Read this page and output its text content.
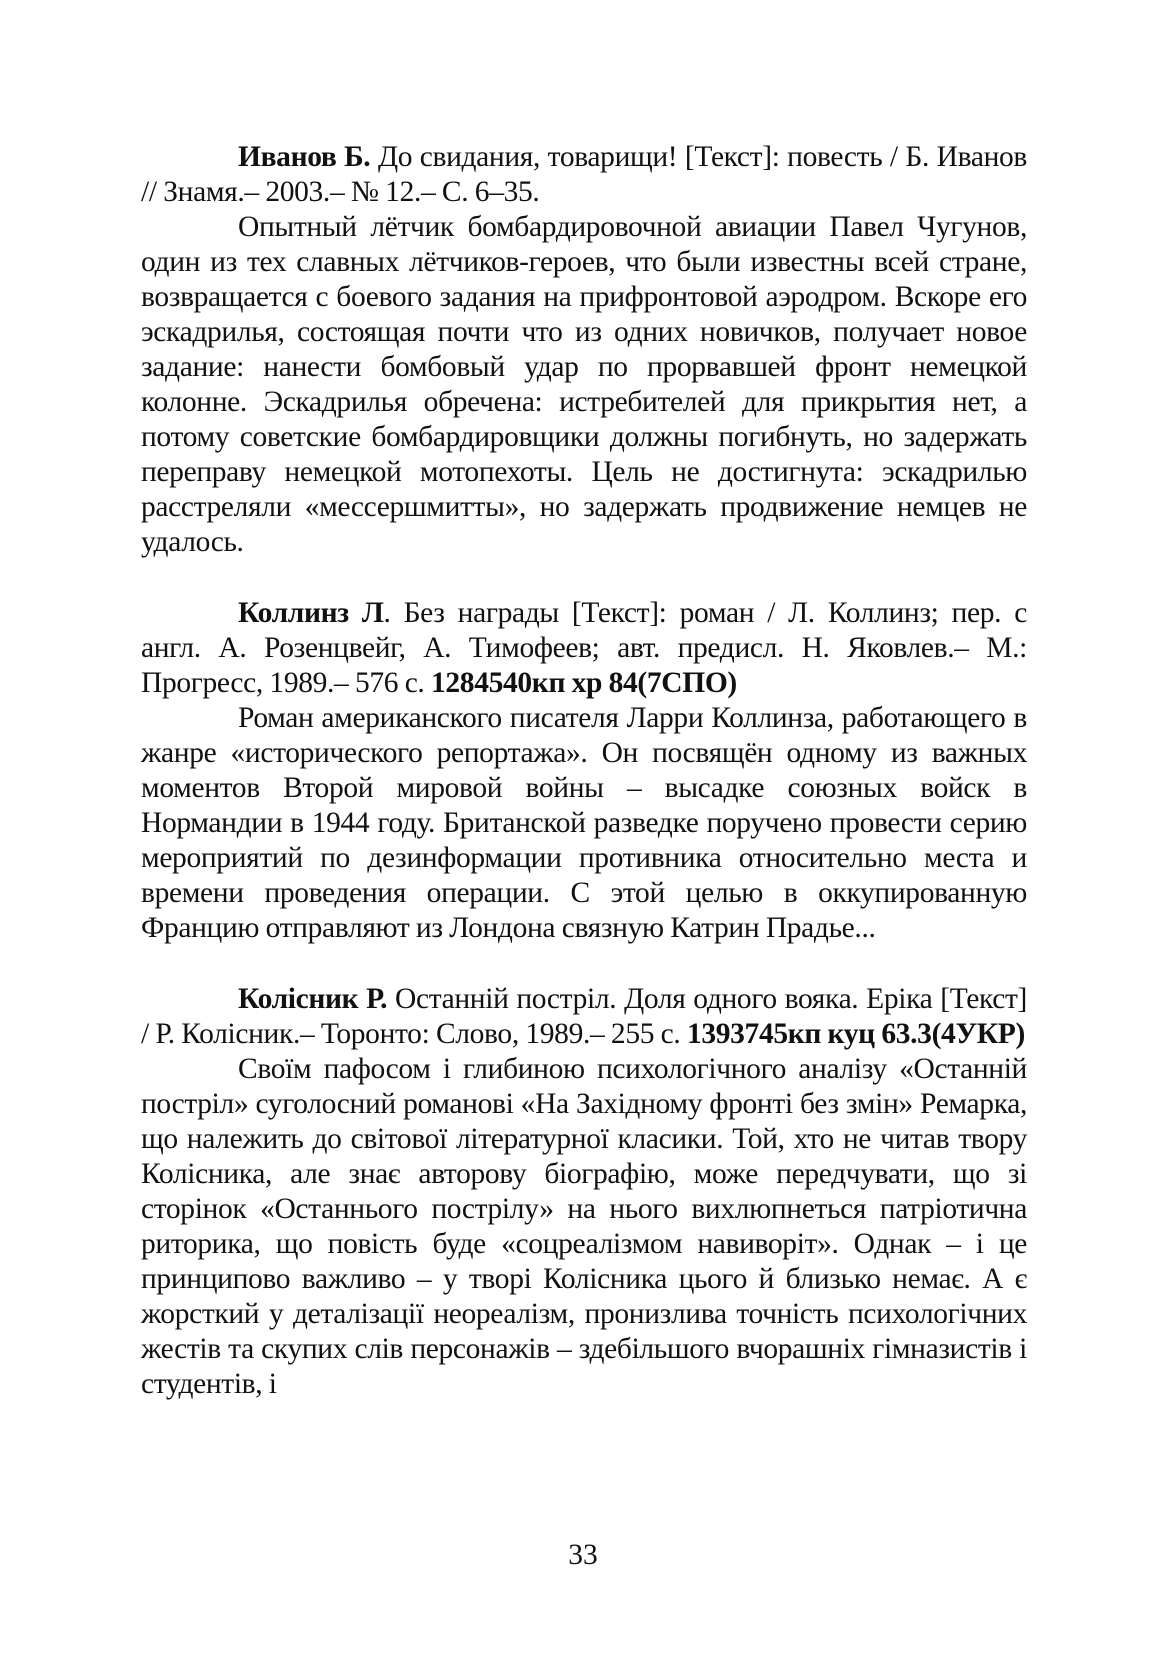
Иванов Б. До свидания, товарищи! [Текст]: повесть / Б. Иванов // Знамя.– 2003.– № 12.– С. 6–35.

Опытный лётчик бомбардировочной авиации Павел Чугунов, один из тех славных лётчиков-героев, что были известны всей стране, возвращается с боевого задания на прифронтовой аэродром. Вскоре его эскадрилья, состоящая почти что из одних новичков, получает новое задание: нанести бомбовый удар по прорвавшей фронт немецкой колонне. Эскадрилья обречена: истребителей для прикрытия нет, а потому советские бомбардировщики должны погибнуть, но задержать переправу немецкой мотопехоты. Цель не достигнута: эскадрилью расстреляли «мессершмитты», но задержать продвижение немцев не удалось.

Коллинз Л. Без награды [Текст]: роман / Л. Коллинз; пер. с англ. А. Розенцвейг, А. Тимофеев; авт. предисл. Н. Яковлев.– М.: Прогресс, 1989.– 576 с. 1284540кп хр 84(7СПО)

Роман американского писателя Ларри Коллинза, работающего в жанре «исторического репортажа». Он посвящён одному из важных моментов Второй мировой войны – высадке союзных войск в Нормандии в 1944 году. Британской разведке поручено провести серию мероприятий по дезинформации противника относительно места и времени проведения операции. С этой целью в оккупированную Францию отправляют из Лондона связную Катрин Прадье...

Колісник Р. Останній постріл. Доля одного вояка. Еріка [Текст] / Р. Колісник.– Торонто: Слово, 1989.– 255 с. 1393745кп куц 63.3(4УКР)

Своїм пафосом і глибиною психологічного аналізу «Останній постріл» суголосний романові «На Західному фронті без змін» Ремарка, що належить до світової літературної класики. Той, хто не читав твору Колісника, але знає авторову біографію, може передчувати, що зі сторінок «Останнього пострілу» на нього вихлюпнеться патріотична риторика, що повість буде «соцреалізмом навиворіт». Однак – і це принципово важливо – у творі Колісника цього й близько немає. А є жорсткий у деталізації неореалізм, пронизлива точність психологічних жестів та скупих слів персонажів – здебільшого вчорашніх гімназистів і студентів, і

33
